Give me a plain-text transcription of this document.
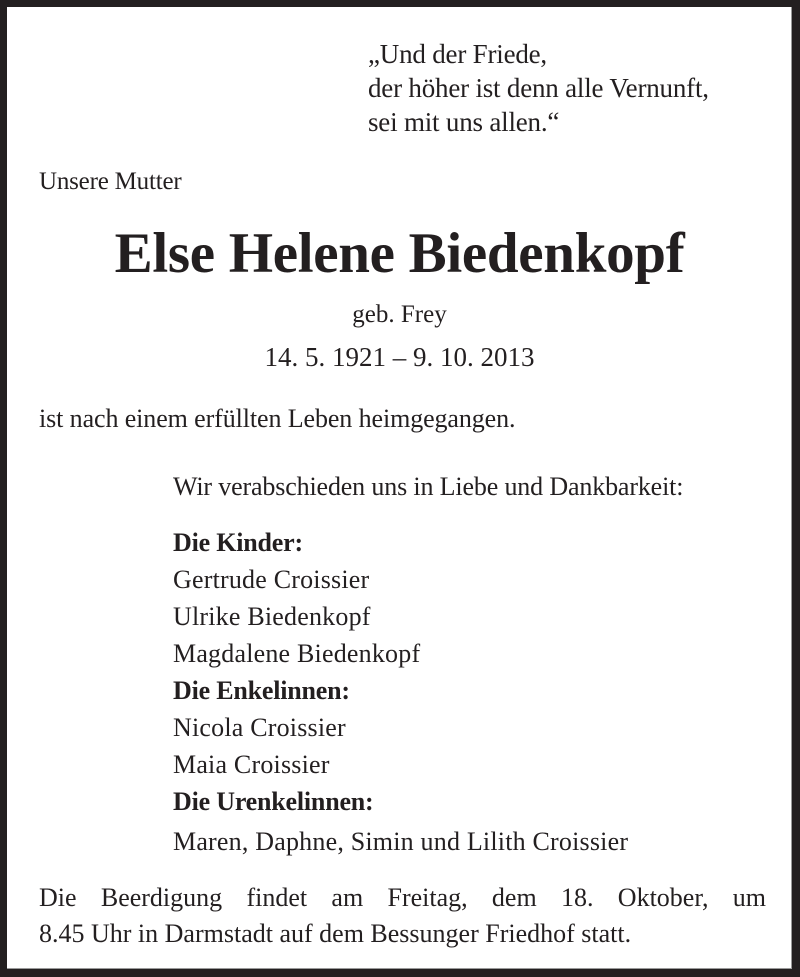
„Und der Friede,
der höher ist denn alle Vernunft,
sei mit uns allen.“
Unsere Mutter
Else Helene Biedenkopf
geb. Frey
14. 5. 1921 – 9. 10. 2013
ist nach einem erfüllten Leben heimgegangen.
Wir verabschieden uns in Liebe und Dankbarkeit:
Die Kinder:
Gertrude Croissier
Ulrike Biedenkopf
Magdalene Biedenkopf
Die Enkelinnen:
Nicola Croissier
Maia Croissier
Die Urenkelinnen:
Maren, Daphne, Simin und Lilith Croissier
Die Beerdigung findet am Freitag, dem 18. Oktober, um
8.45 Uhr in Darmstadt auf dem Bessunger Friedhof statt.
